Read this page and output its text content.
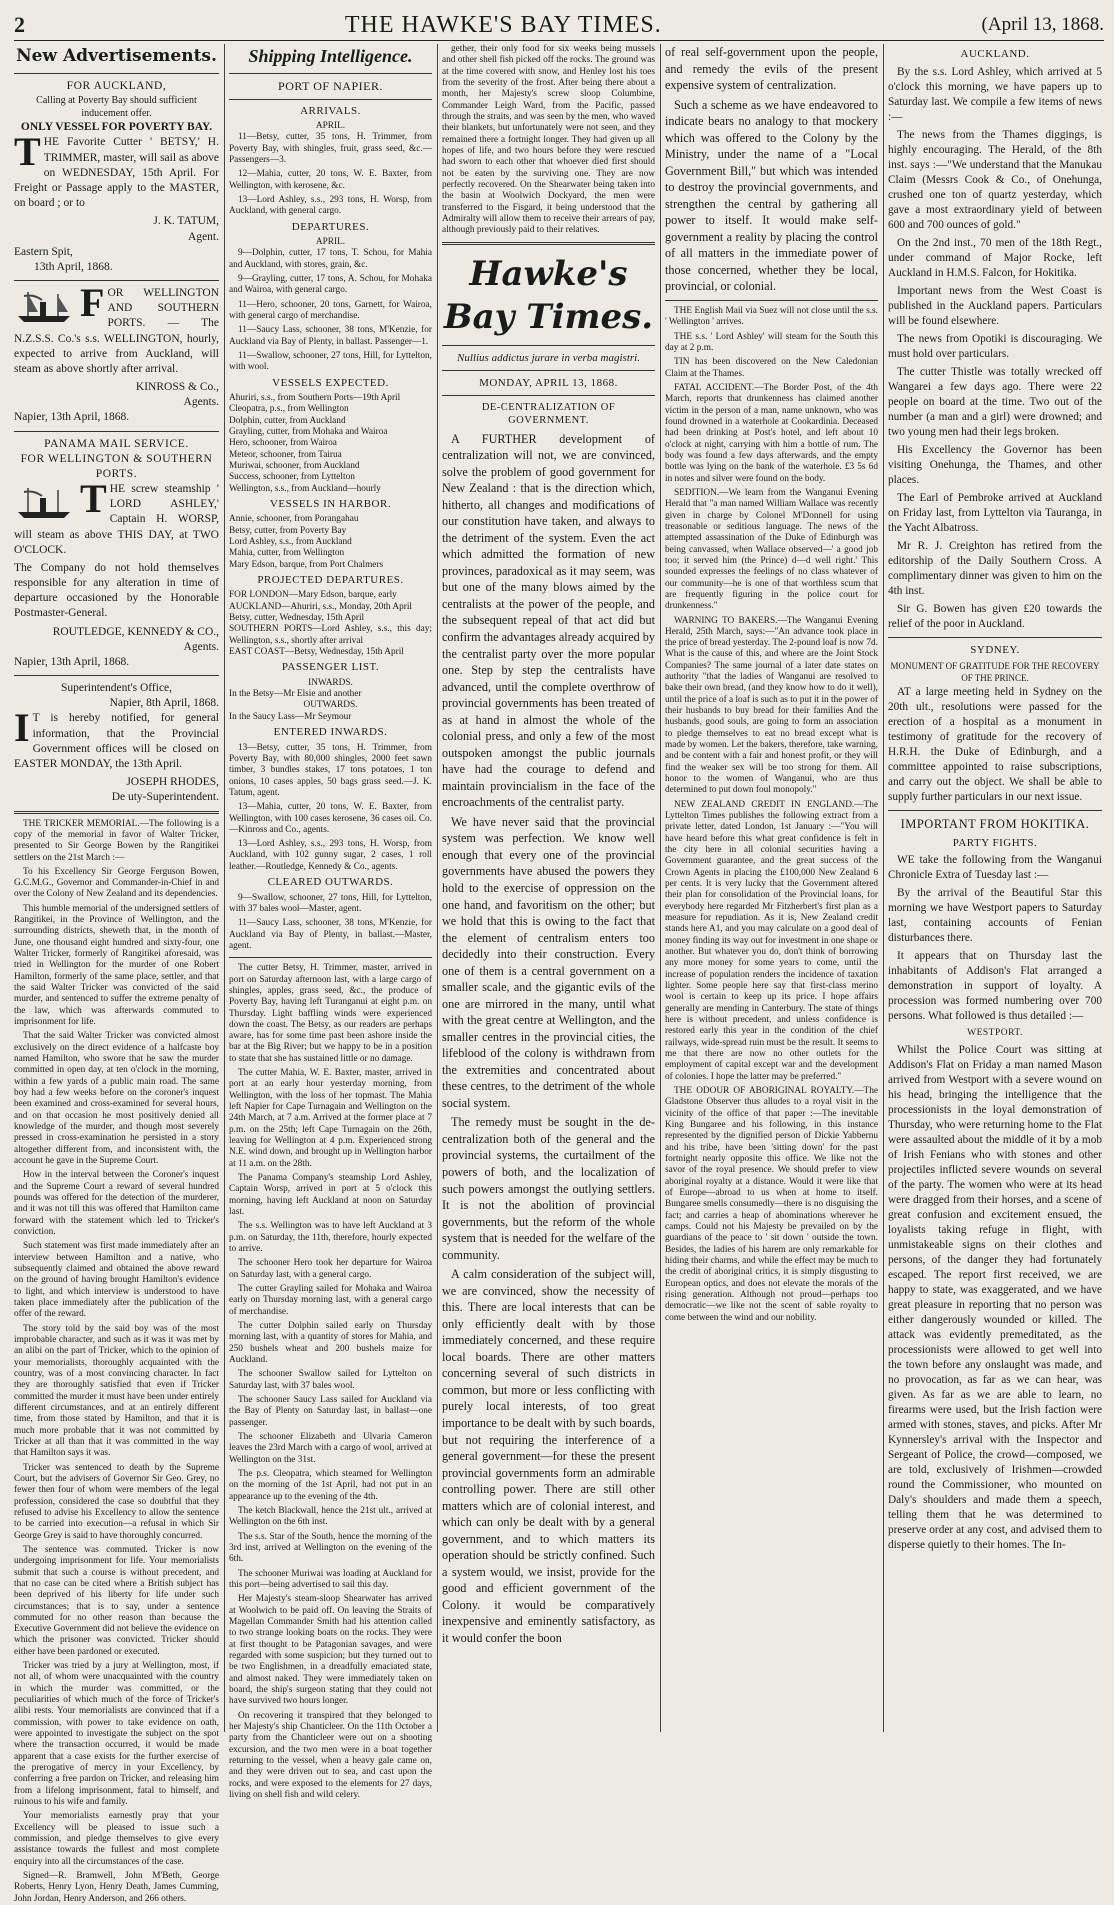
2	THE HAWKE'S BAY TIMES.	(April 13, 1868.
New Advertisements.
FOR AUCKLAND,
Calling at Poverty Bay should sufficient inducement offer.
ONLY VESSEL FOR POVERTY BAY.
T HE Favorite Cutter ' BETSY,' H. TRIMMER, master, will sail as above on WEDNESDAY, 15th April. For Freight or Passage apply to the MASTER, on board ; or to

J. K. TATUM,
Agent.
Eastern Spit,
13th April, 1868.
F OR WELLINGTON AND SOUTHERN PORTS. — The N.Z.S.S. Co.'s s.s. WELLINGTON, hourly, expected to arrive from Auckland, will steam as above shortly after arrival.

KINROSS & Co.,
Agents.
Napier, 13th April, 1868.
PANAMA MAIL SERVICE.
FOR WELLINGTON & SOUTHERN PORTS.
T HE screw steamship ' LORD ASHLEY,' Captain H. WORSP, will steam as above THIS DAY, at TWO O'CLOCK.

The Company do not hold themselves responsible for any alteration in time of departure occasioned by the Honorable Postmaster-General.

ROUTLEDGE, KENNEDY & CO.,
Agents.
Napier, 13th April, 1868.
Superintendent's Office,
Napier, 8th April, 1868.
I T is hereby notified, for general information, that the Provincial Government offices will be closed on EASTER MONDAY, the 13th April.

JOSEPH RHODES,
De uty-Superintendent.

THE TRICKER MEMORIAL.—The following is a copy of the memorial in favor of Walter Tricker, presented to Sir George Bowen by the Rangitikei settlers on the 21st March :—

To his Excellency Sir George Ferguson Bowen, G.C.M.G., Governor and Commander-in-Chief in and over the Colony of New Zealand and its dependencies.

This humble memorial of the undersigned settlers of Rangitikei, in the Province of Wellington, and the surrounding districts, sheweth that, in the month of June, one thousand eight hundred and sixty-four, one Walter Tricker, formerly of Rangitikei aforesaid, was tried in Wellington for the murder of one Robert Hamilton, formerly of the same place, settler, and that the said Walter Tricker was convicted of the said murder, and sentenced to suffer the extreme penalty of the law, which was afterwards commuted to imprisonment for life.

That the said Walter Tricker was convicted almost exclusively on the direct evidence of a halfcaste boy named Hamilton, who swore that he saw the murder committed in open day, at ten o'clock in the morning, within a few yards of a public main road. The same boy had a few weeks before on the coroner's inquest been examined and cross-examined for several hours, and on that occasion he most positively denied all knowledge of the murder, and though most severely pressed in cross-examination he persisted in a story altogether different from, and inconsistent with, the account he gave in the Supreme Court.

How in the interval between the Coroner's inquest and the Supreme Court a reward of several hundred pounds was offered for the detection of the murderer, and it was not till this was offered that Hamilton came forward with the statement which led to Tricker's conviction.

Such statement was first made immediately after an interview between Hamilton and a native, who subsequently claimed and obtained the above reward on the ground of having brought Hamilton's evidence to light, and which interview is understood to have taken place immediately after the publication of the offer of the reward.

The story told by the said boy was of the most improbable character, and such as it was it was met by an alibi on the part of Tricker, which to the opinion of your memorialists, thoroughly acquainted with the country, was of a most convincing character. In fact they are thoroughly satisfied that even if Tricker committed the murder it must have been under entirely different circumstances, and at an entirely different time, from those stated by Hamilton, and that it is much more probable that it was not committed by Tricker at all than that it was committed in the way that Hamilton says it was.

Tricker was sentenced to death by the Supreme Court, but the advisers of Governor Sir Geo. Grey, no fewer then four of whom were members of the legal profession, considered the case so doubtful that they refused to advise his Excellency to allow the sentence to be carried into execution—a refusal in which Sir George Grey is said to have thoroughly concurred.

The sentence was commuted. Tricker is now undergoing imprisonment for life. Your memorialists submit that such a course is without precedent, and that no case can be cited where a British subject has been deprived of his liberty for life under such circumstances; that is to say, under a sentence commuted for no other reason than because the Executive Government did not believe the evidence on which the prisoner was convicted. Tricker should either have been pardoned or executed.

Tricker was tried by a jury at Wellington, most, if not all, of whom were unacquainted with the country in which the murder was committed, or the peculiarities of which much of the force of Tricker's alibi rests. Your memorialists are convinced that if a commission, with power to take evidence on oath, were appointed to investigate the subject on the spot where the transaction occurred, it would be made apparent that a case exists for the further exercise of the prerogative of mercy in your Excellency, by conferring a free pardon on Tricker, and releasing him from a lifelong imprisonment, fatal to himself, and ruinous to his wife and family.

Your memorialists earnestly pray that your Excellency will be pleased to issue such a commission, and pledge themselves to give every assistance towards the fullest and most complete enquiry into all the circumstances of the case.

Signed—R. Bramwell, John M'Beth, George Roberts, Henry Lyon, Henry Death, James Cumming, John Jordan, Henry Anderson, and 266 others.

Shipping Intelligence.
PORT OF NAPIER.
ARRIVALS.
APRIL.

11—Betsy, cutter, 35 tons, H. Trimmer, from Poverty Bay, with shingles, fruit, grass seed, &c.—Passengers—3.

12—Mahia, cutter, 20 tons, W. E. Baxter, from Wellington, with kerosene, &c.

13—Lord Ashley, s.s., 293 tons, H. Worsp, from Auckland, with general cargo.

DEPARTURES.
APRIL.

9—Dolphin, cutter, 17 tons, T. Schou, for Mahia and Auckland, with stores, grain, &c.

9—Grayling, cutter, 17 tons, A. Schou, for Mohaka and Wairoa, with general cargo.

11—Hero, schooner, 20 tons, Garnett, for Wairoa, with general cargo of merchandise.

11—Saucy Lass, schooner, 38 tons, M'Kenzie, for Auckland via Bay of Plenty, in ballast. Passenger—1.

11—Swallow, schooner, 27 tons, Hill, for Lyttelton, with wool.

VESSELS EXPECTED.
Ahuriri, s.s., from Southern Ports—19th April
Cleopatra, p.s., from Wellington
Dolphin, cutter, from Auckland
Grayling, cutter, from Mohaka and Wairoa
Hero, schooner, from Wairoa
Meteor, schooner, from Tairua
Muriwai, schooner, from Auckland
Success, schooner, from Lyttelton
Wellington, s.s., from Auckland—hourly
VESSELS IN HARBOR.
Annie, schooner, from Porangahau
Betsy, cutter, from Poverty Bay
Lord Ashley, s.s., from Auckland
Mahia, cutter, from Wellington
Mary Edson, barque, from Port Chalmers
PROJECTED DEPARTURES.
FOR LONDON—Mary Edson, barque, early
AUCKLAND—Ahuriri, s.s., Monday, 20th April
Betsy, cutter, Wednesday, 15th April
SOUTHERN PORTS—Lord Ashley, s.s., this day; Wellington, s.s., shortly after arrival
EAST COAST—Betsy, Wednesday, 15th April
PASSENGER LIST.
INWARDS.
In the Betsy—Mr Elsie and another
OUTWARDS.
In the Saucy Lass—Mr Seymour
ENTERED INWARDS.

13—Betsy, cutter, 35 tons, H. Trimmer, from Poverty Bay, with 80,000 shingles, 2000 feet sawn timber, 3 bundles stakes, 17 tons potatoes, 1 ton onions, 10 cases apples, 50 bags grass seed.—J. K. Tatum, agent.

13—Mahia, cutter, 20 tons, W. E. Baxter, from Wellington, with 100 cases kerosene, 36 cases oil. Co.—Kinross and Co., agents.

13—Lord Ashley, s.s., 293 tons, H. Worsp, from Auckland, with 102 gunny sugar, 2 cases, 1 roll leather.—Routledge, Kennedy & Co., agents.

CLEARED OUTWARDS.

9—Swallow, schooner, 27 tons, Hill, for Lyttelton, with 37 bales wool—Master, agent.

11—Saucy Lass, schooner, 38 tons, M'Kenzie, for Auckland via Bay of Plenty, in ballast.—Master, agent.

The cutter Betsy, H. Trimmer, master, arrived in port on Saturday afternoon last, with a large cargo of shingles, apples, grass seed, &c., the produce of Poverty Bay, having left Turanganui at eight p.m. on Thursday. Light baffling winds were experienced down the coast. The Betsy, as our readers are perhaps aware, has for some time past been ashore inside the bar at the Big River; but we happy to be in a position to state that she has sustained little or no damage.

The cutter Mahia, W. E. Baxter, master, arrived in port at an early hour yesterday morning, from Wellington, with the loss of her topmast. The Mahia left Napier for Cape Turnagain and Wellington on the 24th March, at 7 a.m. Arrived at the former place at 7 p.m. on the 25th; left Cape Turnagain on the 26th, leaving for Wellington at 4 p.m. Experienced strong N.E. wind down, and brought up in Wellington harbor at 11 a.m. on the 28th.

The Panama Company's steamship Lord Ashley, Captain Worsp, arrived in port at 5 o'clock this morning, having left Auckland at noon on Saturday last.

The s.s. Wellington was to have left Auckland at 3 p.m. on Saturday, the 11th, therefore, hourly expected to arrive.

The schooner Hero took her departure for Wairoa on Saturday last, with a general cargo.

The cutter Grayling sailed for Mohaka and Wairoa early on Thursday morning last, with a general cargo of merchandise.

The cutter Dolphin sailed early on Thursday morning last, with a quantity of stores for Mahia, and 250 bushels wheat and 200 bushels maize for Auckland.

The schooner Swallow sailed for Lyttelton on Saturday last, with 37 bales wool.

The schooner Saucy Lass sailed for Auckland via the Bay of Plenty on Saturday last, in ballast—one passenger.

The schooner Elizabeth and Ulvaria Cameron leaves the 23rd March with a cargo of wool, arrived at Wellington on the 31st.

The p.s. Cleopatra, which steamed for Wellington on the morning of the 1st April, had not put in an appearance up to the evening of the 4th.

The ketch Blackwall, hence the 21st ult., arrived at Wellington on the 6th inst.

The s.s. Star of the South, hence the morning of the 3rd inst, arrived at Wellington on the evening of the 6th.

The schooner Muriwai was loading at Auckland for this port—being advertised to sail this day.

Her Majesty's steam-sloop Shearwater has arrived at Woolwich to be paid off. On leaving the Straits of Magellan Commander Smith had his attention called to two strange looking boats on the rocks. They were at first thought to be Patagonian savages, and were regarded with some suspicion; but they turned out to be two Englishmen, in a dreadfully emaciated state, and almost naked. They were immediately taken on board, the ship's surgeon stating that they could not have survived two hours longer.

On recovering it transpired that they belonged to her Majesty's ship Chanticleer. On the 11th October a party from the Chanticleer were out on a shooting excursion, and the two men were in a boat together returning to the vessel, when a heavy gale came on, and they were driven out to sea, and cast upon the rocks, and were exposed to the elements for 27 days, living on shell fish and wild celery.

gether, their only food for six weeks being mussels and other shell fish picked off the rocks. The ground was at the time covered with snow, and Henley lost his toes from the severity of the frost. After being there about a month, her Majesty's screw sloop Columbine, Commander Leigh Ward, from the Pacific, passed through the straits, and was seen by the men, who waved their blankets, but unfortunately were not seen, and they remained there a fortnight longer. They had given up all hopes of life, and two hours before they were rescued had sworn to each other that whoever died first should not be eaten by the surviving one. They are now perfectly recovered. On the Shearwater being taken into the basin at Woolwich Dockyard, the men were transferred to the Fisgard, it being understood that the Admiralty will allow them to receive their arrears of pay, although previously paid to their relatives.

Hawke's Bay Times.
Nullius addictus jurare in verba magistri.
MONDAY, APRIL 13, 1868.
DE-CENTRALIZATION OF GOVERNMENT.

A FURTHER development of centralization will not, we are convinced, solve the problem of good government for New Zealand : that is the direction which, hitherto, all changes and modifications of our constitution have taken, and always to the detriment of the system. Even the act which admitted the formation of new provinces, paradoxical as it may seem, was but one of the many blows aimed by the centralists at the power of the people, and the subsequent repeal of that act did but confirm the advantages already acquired by the centralist party over the more popular one. Step by step the centralists have advanced, until the complete overthrow of provincial governments has been treated of as at hand in almost the whole of the colonial press, and only a few of the most outspoken amongst the public journals have had the courage to defend and maintain provincialism in the face of the encroachments of the centralist party.

We have never said that the provincial system was perfection. We know well enough that every one of the provincial governments have abused the powers they hold to the exercise of oppression on the one hand, and favoritism on the other; but we hold that this is owing to the fact that the element of centralism enters too decidedly into their construction. Every one of them is a central government on a smaller scale, and the gigantic evils of the one are mirrored in the many, until what with the great centre at Wellington, and the smaller centres in the provincial cities, the lifeblood of the colony is withdrawn from the extremities and concentrated about these centres, to the detriment of the whole social system.

The remedy must be sought in the de-centralization both of the general and the provincial systems, the curtailment of the powers of both, and the localization of such powers amongst the outlying settlers. It is not the abolition of provincial governments, but the reform of the whole system that is needed for the welfare of the community.

A calm consideration of the subject will, we are convinced, show the necessity of this. There are local interests that can be only efficiently dealt with by those immediately concerned, and these require local boards. There are other matters concerning several of such districts in common, but more or less conflicting with purely local interests, of too great importance to be dealt with by such boards, but not requiring the interference of a general government—for these the present provincial governments form an admirable controlling power. There are still other matters which are of colonial interest, and which can only be dealt with by a general government, and to which matters its operation should be strictly confined. Such a system would, we insist, provide for the good and efficient government of the Colony. it would be comparatively inexpensive and eminently satisfactory, as it would confer the boon

of real self-government upon the people, and remedy the evils of the present expensive system of centralization.

Such a scheme as we have endeavored to indicate bears no analogy to that mockery which was offered to the Colony by the Ministry, under the name of a "Local Government Bill," but which was intended to destroy the provincial governments, and strengthen the central by gathering all power to itself. It would make self-government a reality by placing the control of all matters in the immediate power of those concerned, whether they be local, provincial, or colonial.

THE English Mail via Suez will not close until the s.s. ' Wellington ' arrives.

THE s.s. ' Lord Ashley' will steam for the South this day at 2 p.m.

TIN has been discovered on the New Caledonian Claim at the Thames.

FATAL ACCIDENT.—The Border Post, of the 4th March, reports that drunkenness has claimed another victim in the person of a man, name unknown, who was found drowned in a waterhole at Cookardinia. Deceased had been drinking at Post's hotel, and left about 10 o'clock at night, carrying with him a bottle of rum. The body was found a few days afterwards, and the empty bottle was lying on the bank of the waterhole. £3 5s 6d in notes and silver were found on the body.

SEDITION.—We learn from the Wanganui Evening Herald that "a man named William Wallace was recently given in charge by Colonel M'Donnell for using treasonable or seditious language. The news of the attempted assassination of the Duke of Edinburgh was being canvassed, when Wallace observed—' a good job too; it served him (the Prince) d—d well right.' This sounded expresses the feelings of no class whatever of our community—he is one of that worthless scum that are frequently figuring in the police court for drunkenness."

WARNING TO BAKERS.—The Wanganui Evening Herald, 25th March, says:—"An advance took place in the price of bread yesterday. The 2-pound loaf is now 7d. What is the cause of this, and where are the Joint Stock Companies? The same journal of a later date states on authority "that the ladies of Wanganui are resolved to bake their own bread, (and they know how to do it well), until the price of a loaf is such as to put it in the power of their husbands to buy bread for their families And the husbands, good souls, are going to form an association to pledge themselves to eat no bread except what is made by women. Let the bakers, therefore, take warning, and be content with a fair and honest profit, or they will find the weaker sex will be too strong for them. All honor to the women of Wanganui, who are thus determined to put down foul monopoly."

NEW ZEALAND CREDIT IN ENGLAND.—The Lyttelton Times publishes the following extract from a private letter, dated London, 1st January :—"You will have heard before this what great confidence is felt in the city here in all colonial securities having a Government guarantee, and the great success of the Crown Agents in placing the £100,000 New Zealand 6 per cents. It is very lucky that the Government altered their plan for consolidation of the Provincial loans, for everybody here regarded Mr Fitzherbert's first plan as a measure for repudiation. As it is, New Zealand credit stands here A1, and you may calculate on a good deal of money finding its way out for investment in one shape or another. But whatever you do, don't think of borrowing any more money for some years to come, until the increase of population renders the incidence of taxation lighter. Some people here say that first-class merino wool is certain to keep up its price. I hope affairs generally are mending in Canterbury. The state of things here is without precedent, and unless confidence is restored early this year in the condition of the chief railways, wide-spread ruin must be the result. It seems to me that there are now no other outlets for the employment of capital except war and the development of colonies. I hope the latter may be preferred."

THE ODOUR OF ABORIGINAL ROYALTY.—The Gladstone Observer thus alludes to a royal visit in the vicinity of the office of that paper :—The inevitable King Bungaree and his following, in this instance represented by the dignified person of Dickie Yabbernu and his tribe, have been 'sitting down' for the past fortnight nearly opposite this office. We like not the savor of the royal presence. We should prefer to view aboriginal royalty at a distance. Would it were like that of Europe—abroad to us when at home to itself. Bungaree smells consumedly—there is no disguising the fact; and carries a heap of abominations wherever he camps. Could not his Majesty be prevailed on by the guardians of the peace to ' sit down ' outside the town. Besides, the ladies of his harem are only remarkable for hiding their charms, and while the effect may be much to the credit of aboriginal critics, it is simply disgusting to European optics, and does not elevate the morals of the rising generation. Although not proud—perhaps too democratic—we like not the scent of sable royalty to come between the wind and our nobility.

AUCKLAND.

By the s.s. Lord Ashley, which arrived at 5 o'clock this morning, we have papers up to Saturday last. We compile a few items of news :—

The news from the Thames diggings, is highly encouraging. The Herald, of the 8th inst. says :—"We understand that the Manukau Claim (Messrs Cook & Co., of Onehunga, crushed one ton of quartz yesterday, which gave a most extraordinary yield of between 600 and 700 ounces of gold."

On the 2nd inst., 70 men of the 18th Regt., under command of Major Rocke, left Auckland in H.M.S. Falcon, for Hokitika.

Important news from the West Coast is published in the Auckland papers. Particulars will be found elsewhere.

The news from Opotiki is discouraging. We must hold over particulars.

The cutter Thistle was totally wrecked off Wangarei a few days ago. There were 22 people on board at the time. Two out of the number (a man and a girl) were drowned; and two young men had their legs broken.

His Excellency the Governor has been visiting Onehunga, the Thames, and other places.

The Earl of Pembroke arrived at Auckland on Friday last, from Lyttelton via Tauranga, in the Yacht Albatross.

Mr R. J. Creighton has retired from the editorship of the Daily Southern Cross. A complimentary dinner was given to him on the 4th inst.

Sir G. Bowen has given £20 towards the relief of the poor in Auckland.

SYDNEY.
MONUMENT OF GRATITUDE FOR THE RECOVERY OF THE PRINCE.

AT a large meeting held in Sydney on the 20th ult., resolutions were passed for the erection of a hospital as a monument in testimony of gratitude for the recovery of H.R.H. the Duke of Edinburgh, and a committee appointed to raise subscriptions, and carry out the object. We shall be able to supply further particulars in our next issue.

IMPORTANT FROM HOKITIKA.
PARTY FIGHTS.

WE take the following from the Wanganui Chronicle Extra of Tuesday last :—

By the arrival of the Beautiful Star this morning we have Westport papers to Saturday last, containing accounts of Fenian disturbances there.

It appears that on Thursday last the inhabitants of Addison's Flat arranged a demonstration in support of loyalty. A procession was formed numbering over 700 persons. What followed is thus detailed :—

WESTPORT.

Whilst the Police Court was sitting at Addison's Flat on Friday a man named Mason arrived from Westport with a severe wound on his head, bringing the intelligence that the processionists in the loyal demonstration of Thursday, who were returning home to the Flat were assaulted about the middle of it by a mob of Irish Fenians who with stones and other projectiles inflicted severe wounds on several of the party. The women who were at its head were dragged from their horses, and a scene of great confusion and excitement ensued, the loyalists taking refuge in flight, with unmistakeable signs on their clothes and persons, of the danger they had fortunately escaped. The report first received, we are happy to state, was exaggerated, and we have great pleasure in reporting that no person was either dangerously wounded or killed. The attack was evidently premeditated, as the processionists were allowed to get well into the town before any onslaught was made, and no provocation, as far as we can hear, was given. As far as we are able to learn, no firearms were used, but the Irish faction were armed with stones, staves, and picks. After Mr Kynnersley's arrival with the Inspector and Sergeant of Police, the crowd—composed, we are told, exclusively of Irishmen—crowded round the Commissioner, who mounted on Daly's shoulders and made them a speech, telling them that he was determined to preserve order at any cost, and advised them to disperse quietly to their homes. The In-
